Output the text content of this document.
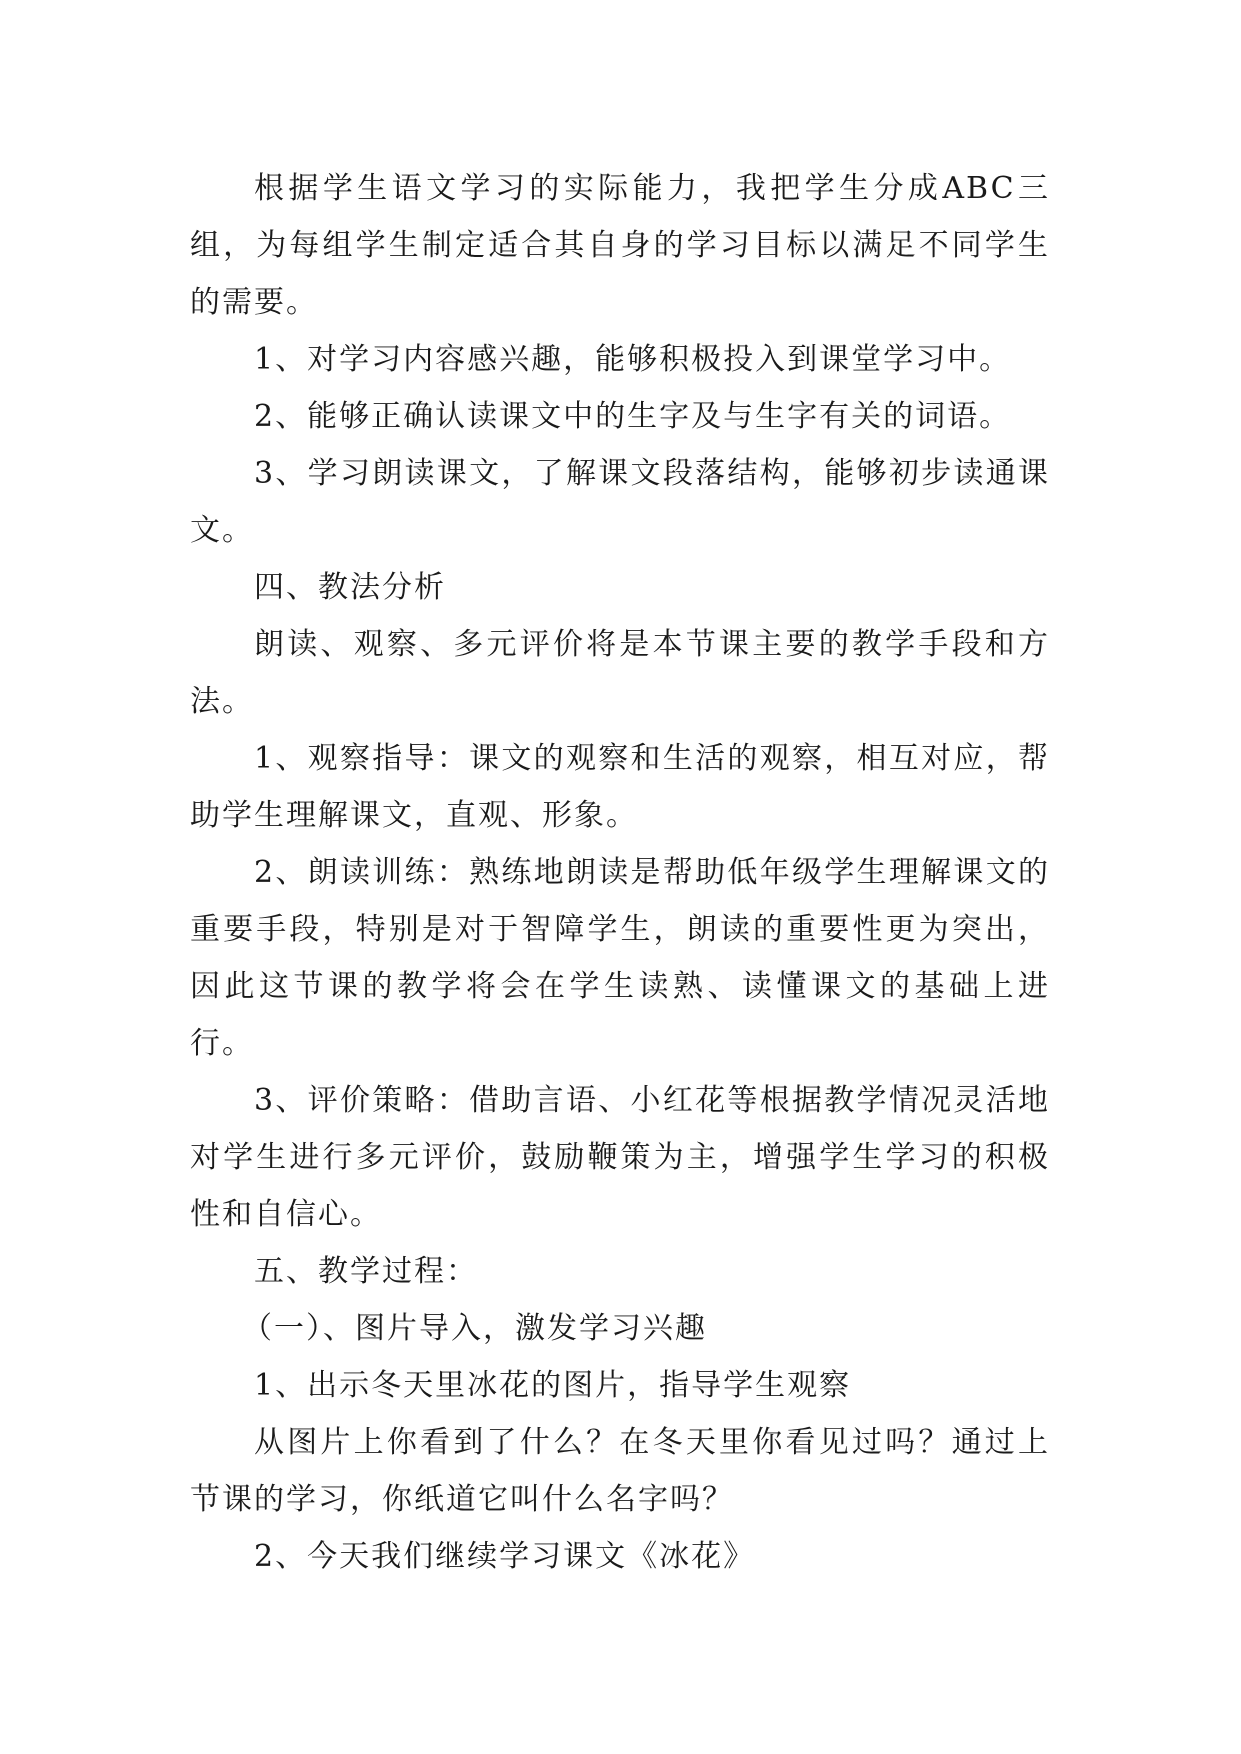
根据学生语文学习的实际能力，我把学生分成ABC三组，为每组学生制定适合其自身的学习目标以满足不同学生的需要。

1、对学习内容感兴趣，能够积极投入到课堂学习中。

2、能够正确认读课文中的生字及与生字有关的词语。

3、学习朗读课文，了解课文段落结构，能够初步读通课文。

四、教法分析

朗读、观察、多元评价将是本节课主要的教学手段和方法。

1、观察指导：课文的观察和生活的观察，相互对应，帮助学生理解课文，直观、形象。

2、朗读训练：熟练地朗读是帮助低年级学生理解课文的重要手段，特别是对于智障学生，朗读的重要性更为突出，因此这节课的教学将会在学生读熟、读懂课文的基础上进行。

3、评价策略：借助言语、小红花等根据教学情况灵活地对学生进行多元评价，鼓励鞭策为主，增强学生学习的积极性和自信心。

五、教学过程：

（一）、图片导入，激发学习兴趣

1、出示冬天里冰花的图片，指导学生观察

从图片上你看到了什么？在冬天里你看见过吗？通过上节课的学习，你纸道它叫什么名字吗？

2、今天我们继续学习课文《冰花》
